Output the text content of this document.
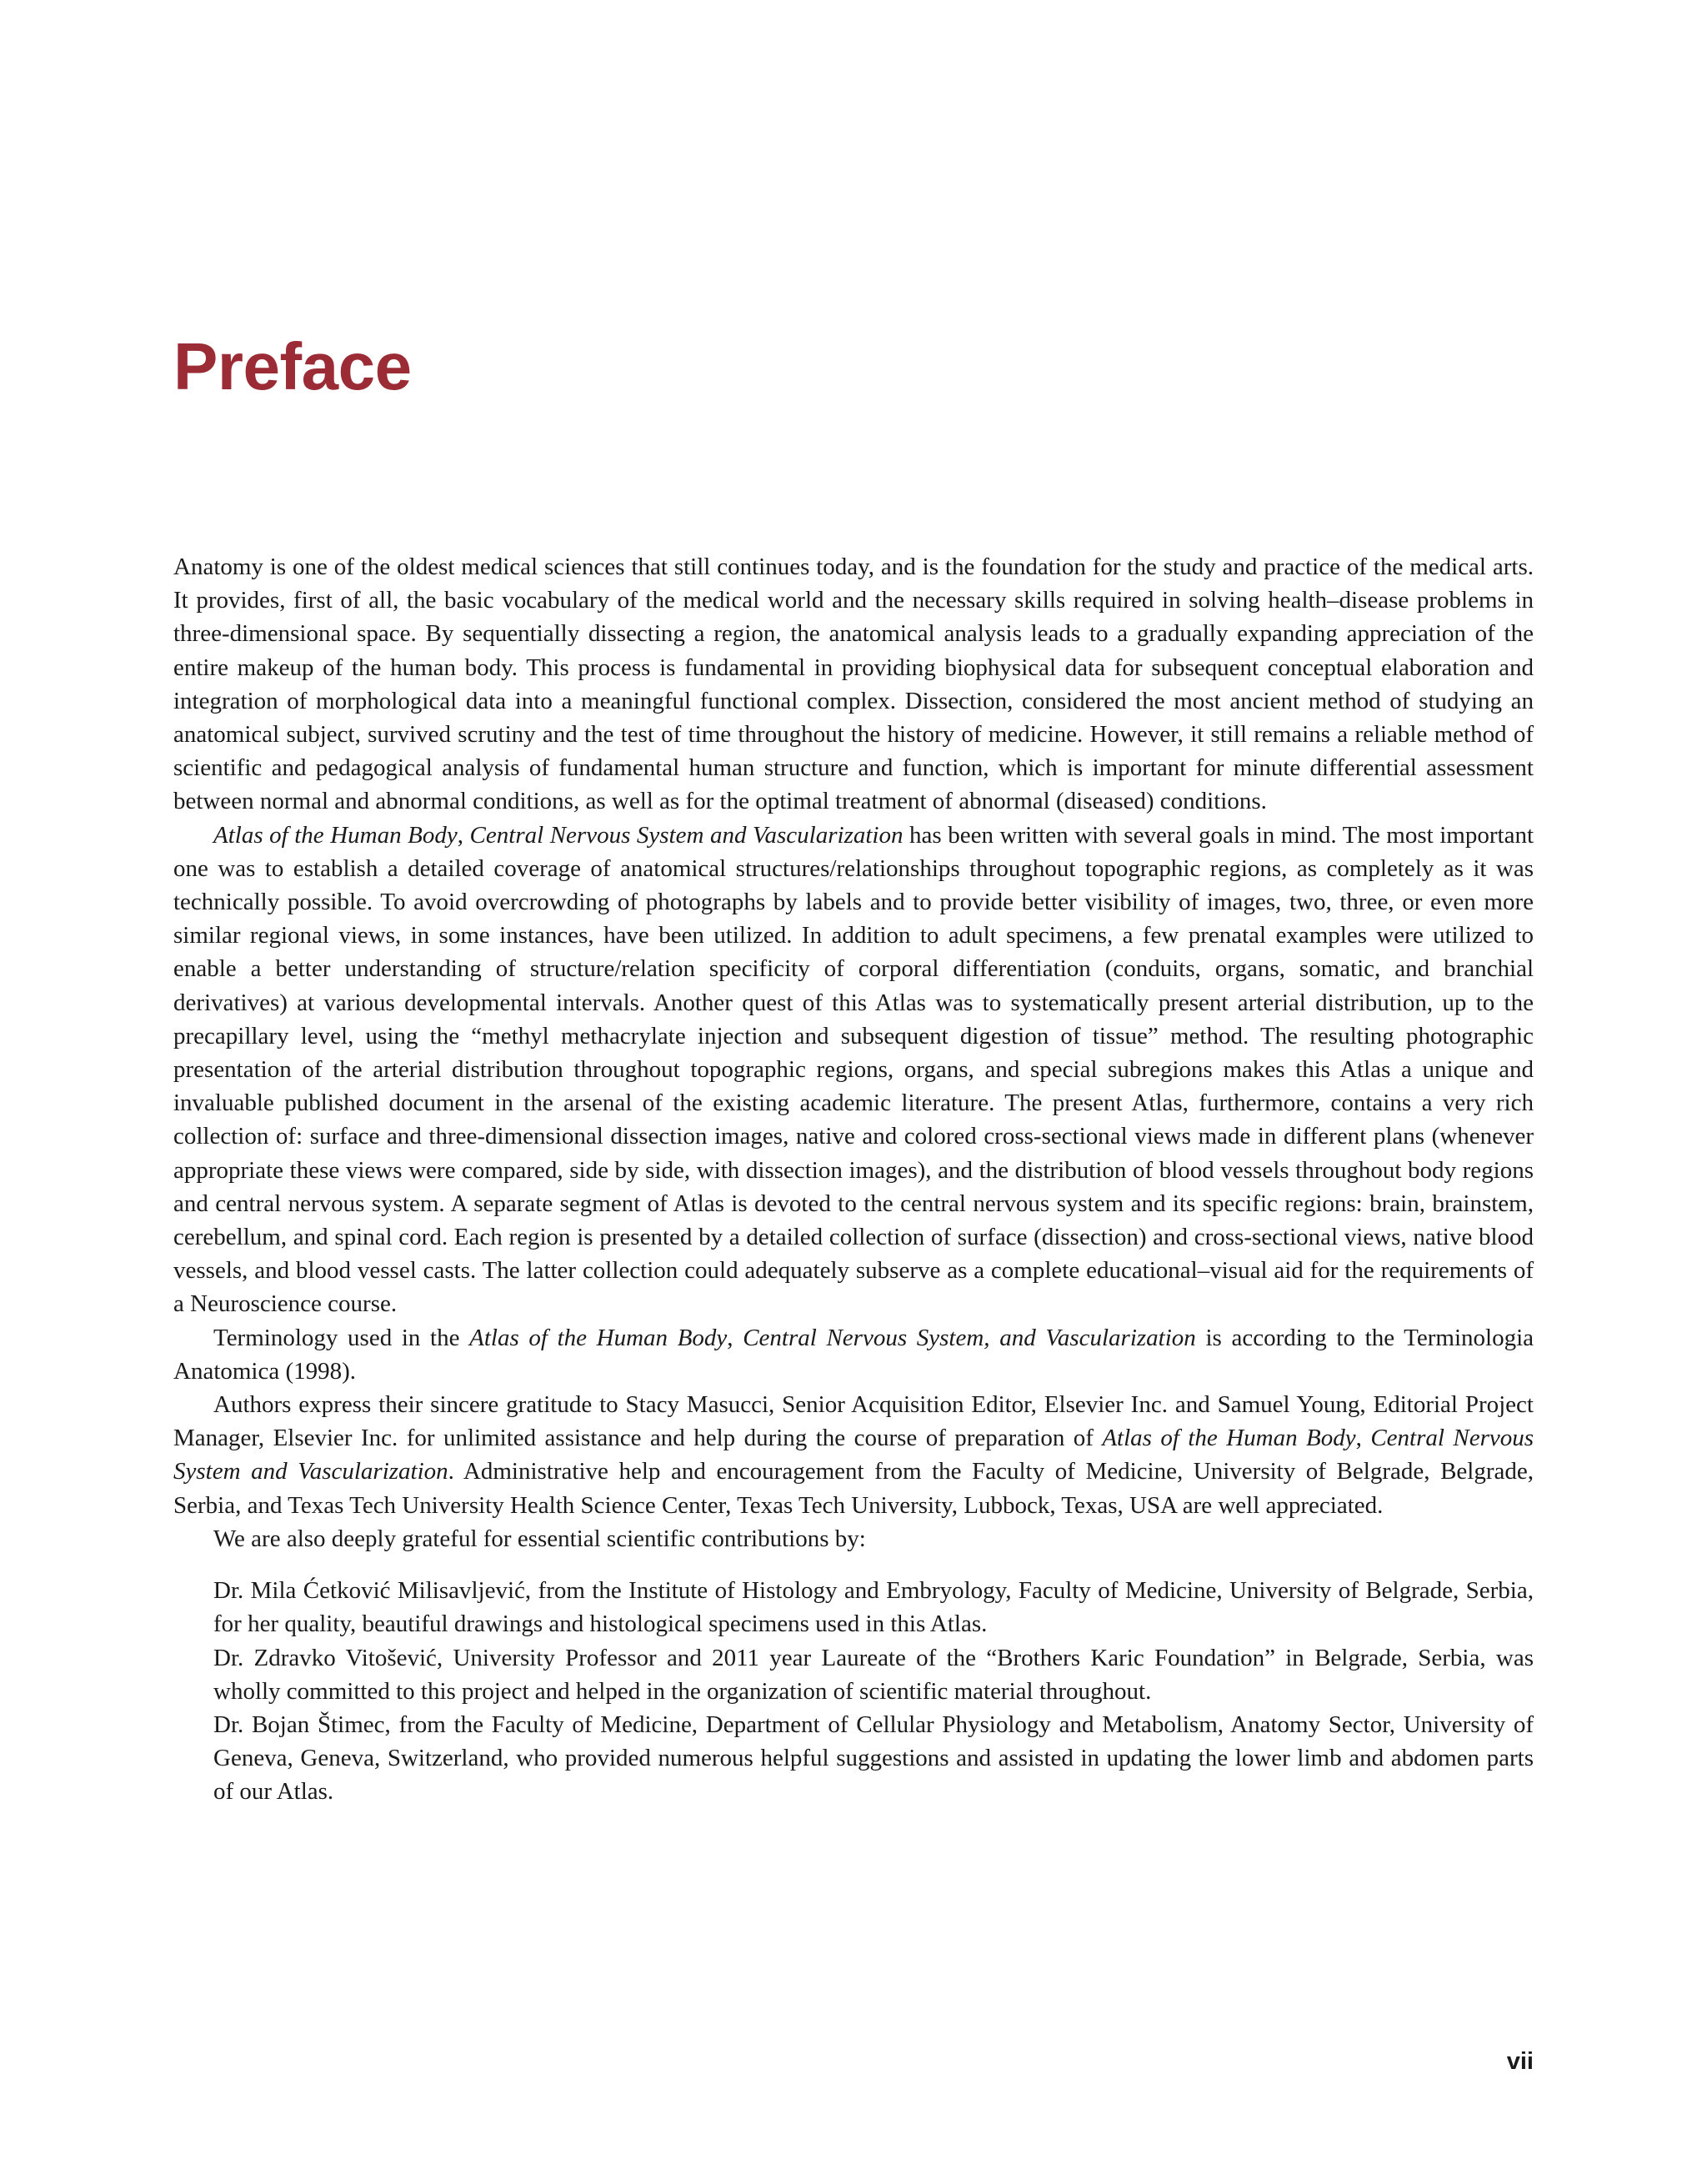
Preface

Anatomy is one of the oldest medical sciences that still continues today, and is the foundation for the study and practice of the medical arts. It provides, first of all, the basic vocabulary of the medical world and the necessary skills required in solving health–disease problems in three-dimensional space. By sequentially dissecting a region, the anatomical analysis leads to a gradually expanding appreciation of the entire makeup of the human body. This process is fundamental in providing biophysical data for subsequent conceptual elaboration and integration of morphological data into a meaningful functional complex. Dissection, considered the most ancient method of studying an anatomical subject, survived scrutiny and the test of time throughout the history of medicine. However, it still remains a reliable method of scientific and pedagogical analysis of fundamental human structure and function, which is important for minute differential assessment between normal and abnormal conditions, as well as for the optimal treatment of abnormal (diseased) conditions.

Atlas of the Human Body, Central Nervous System and Vascularization has been written with several goals in mind. The most important one was to establish a detailed coverage of anatomical structures/relationships throughout topographic regions, as completely as it was technically possible. To avoid overcrowding of photographs by labels and to provide better visibility of images, two, three, or even more similar regional views, in some instances, have been utilized. In addition to adult specimens, a few prenatal examples were utilized to enable a better understanding of structure/relation specificity of corporal differentiation (conduits, organs, somatic, and branchial derivatives) at various developmental intervals. Another quest of this Atlas was to systematically present arterial distribution, up to the precapillary level, using the “methyl methacrylate injection and subsequent digestion of tissue” method. The resulting photographic presentation of the arterial distribution throughout topographic regions, organs, and special subregions makes this Atlas a unique and invaluable published document in the arsenal of the existing academic literature. The present Atlas, furthermore, contains a very rich collection of: surface and three-dimensional dissection images, native and colored cross-sectional views made in different plans (whenever appropriate these views were compared, side by side, with dissection images), and the distribution of blood vessels throughout body regions and central nervous system. A separate segment of Atlas is devoted to the central nervous system and its specific regions: brain, brainstem, cerebellum, and spinal cord. Each region is presented by a detailed collection of surface (dissection) and cross-sectional views, native blood vessels, and blood vessel casts. The latter collection could adequately subserve as a complete educational–visual aid for the requirements of a Neuroscience course.

Terminology used in the Atlas of the Human Body, Central Nervous System, and Vascularization is according to the Terminologia Anatomica (1998).

Authors express their sincere gratitude to Stacy Masucci, Senior Acquisition Editor, Elsevier Inc. and Samuel Young, Editorial Project Manager, Elsevier Inc. for unlimited assistance and help during the course of preparation of Atlas of the Human Body, Central Nervous System and Vascularization. Administrative help and encouragement from the Faculty of Medicine, University of Belgrade, Belgrade, Serbia, and Texas Tech University Health Science Center, Texas Tech University, Lubbock, Texas, USA are well appreciated.

We are also deeply grateful for essential scientific contributions by:

Dr. Mila Ćetković Milisavljević, from the Institute of Histology and Embryology, Faculty of Medicine, University of Belgrade, Serbia, for her quality, beautiful drawings and histological specimens used in this Atlas.
Dr. Zdravko Vitošević, University Professor and 2011 year Laureate of the “Brothers Karic Foundation” in Belgrade, Serbia, was wholly committed to this project and helped in the organization of scientific material throughout.
Dr. Bojan Štimec, from the Faculty of Medicine, Department of Cellular Physiology and Metabolism, Anatomy Sector, University of Geneva, Geneva, Switzerland, who provided numerous helpful suggestions and assisted in updating the lower limb and abdomen parts of our Atlas.
vii
